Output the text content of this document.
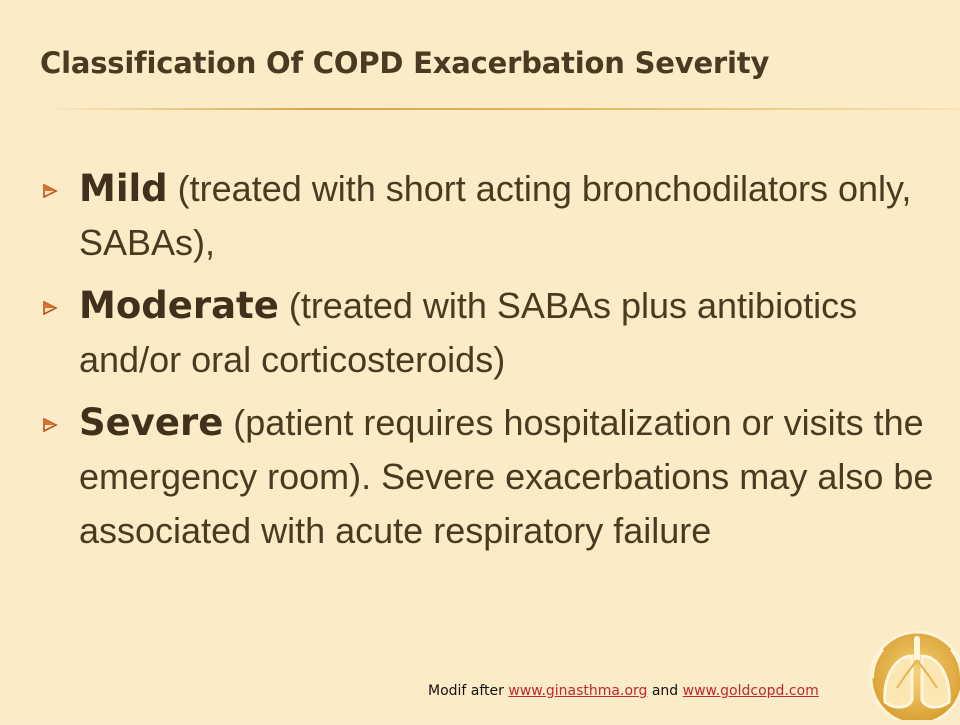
Classification Of COPD Exacerbation Severity
Mild (treated with short acting bronchodilators only, SABAs),
Moderate (treated with SABAs plus antibiotics and/or oral corticosteroids)
Severe (patient requires hospitalization or visits the emergency room). Severe exacerbations may also be associated with acute respiratory failure
Modif after www.ginasthma.org and www.goldcopd.com
